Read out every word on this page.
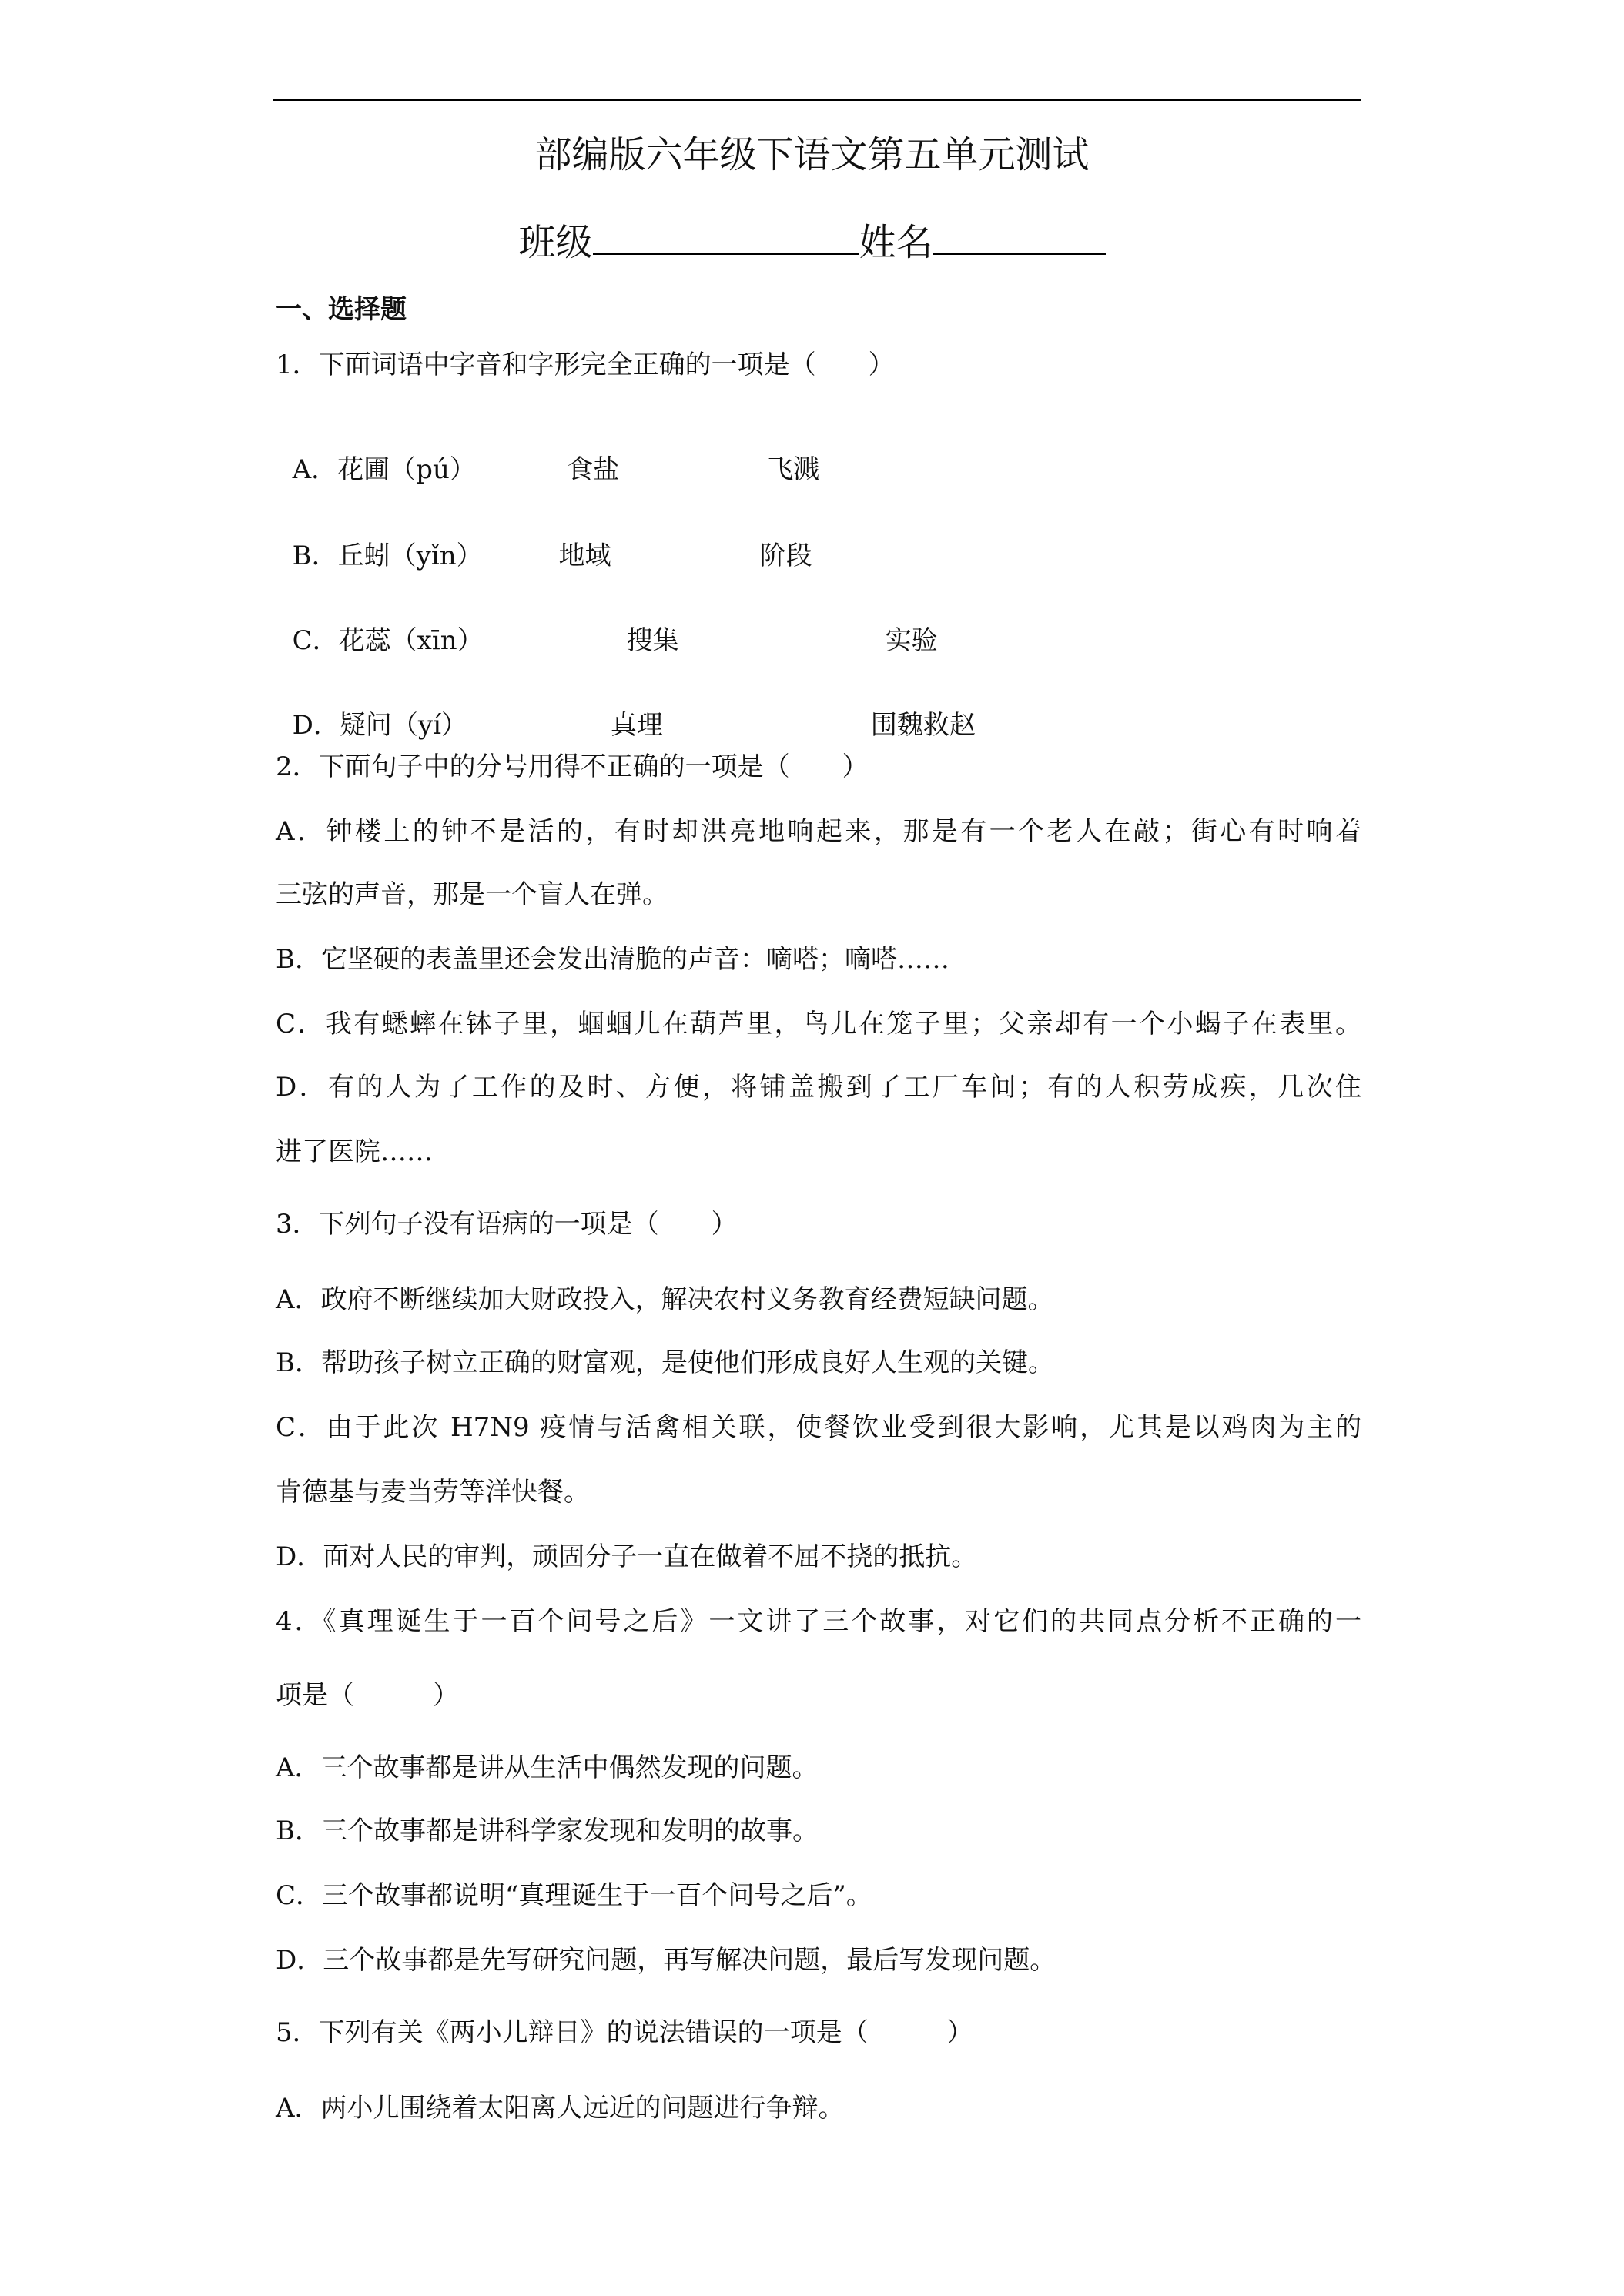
部编版六年级下语文第五单元测试
班级	姓名
一、选择题
1．下面词语中字音和字形完全正确的一项是（　　）

A．花圃（pú）	食盐	飞溅

B．丘蚓（yǐn）	地域	阶段

C．花蕊（xīn）	搜集	实验

D．疑问（yí）	真理	围魏救赵

2．下面句子中的分号用得不正确的一项是（　　）
A．钟楼上的钟不是活的，有时却洪亮地响起来，那是有一个老人在敲；街心有时响着
三弦的声音，那是一个盲人在弹。
B．它坚硬的表盖里还会发出清脆的声音：嘀嗒；嘀嗒……
C．我有蟋蟀在钵子里，蝈蝈儿在葫芦里，鸟儿在笼子里；父亲却有一个小蝎子在表里。
D．有的人为了工作的及时、方便，将铺盖搬到了工厂车间；有的人积劳成疾，几次住
进了医院……
3．下列句子没有语病的一项是（　　）
A．政府不断继续加大财政投入，解决农村义务教育经费短缺问题。
B．帮助孩子树立正确的财富观，是使他们形成良好人生观的关键。
C．由于此次 H7N9 疫情与活禽相关联，使餐饮业受到很大影响，尤其是以鸡肉为主的
肯德基与麦当劳等洋快餐。
D．面对人民的审判，顽固分子一直在做着不屈不挠的抵抗。
4．《真理诞生于一百个问号之后》一文讲了三个故事，对它们的共同点分析不正确的一
项是（　　　）
A．三个故事都是讲从生活中偶然发现的问题。
B．三个故事都是讲科学家发现和发明的故事。
C．三个故事都说明“真理诞生于一百个问号之后”。
D．三个故事都是先写研究问题，再写解决问题，最后写发现问题。
5．下列有关《两小儿辩日》的说法错误的一项是（　　　）
A．两小儿围绕着太阳离人远近的问题进行争辩。
